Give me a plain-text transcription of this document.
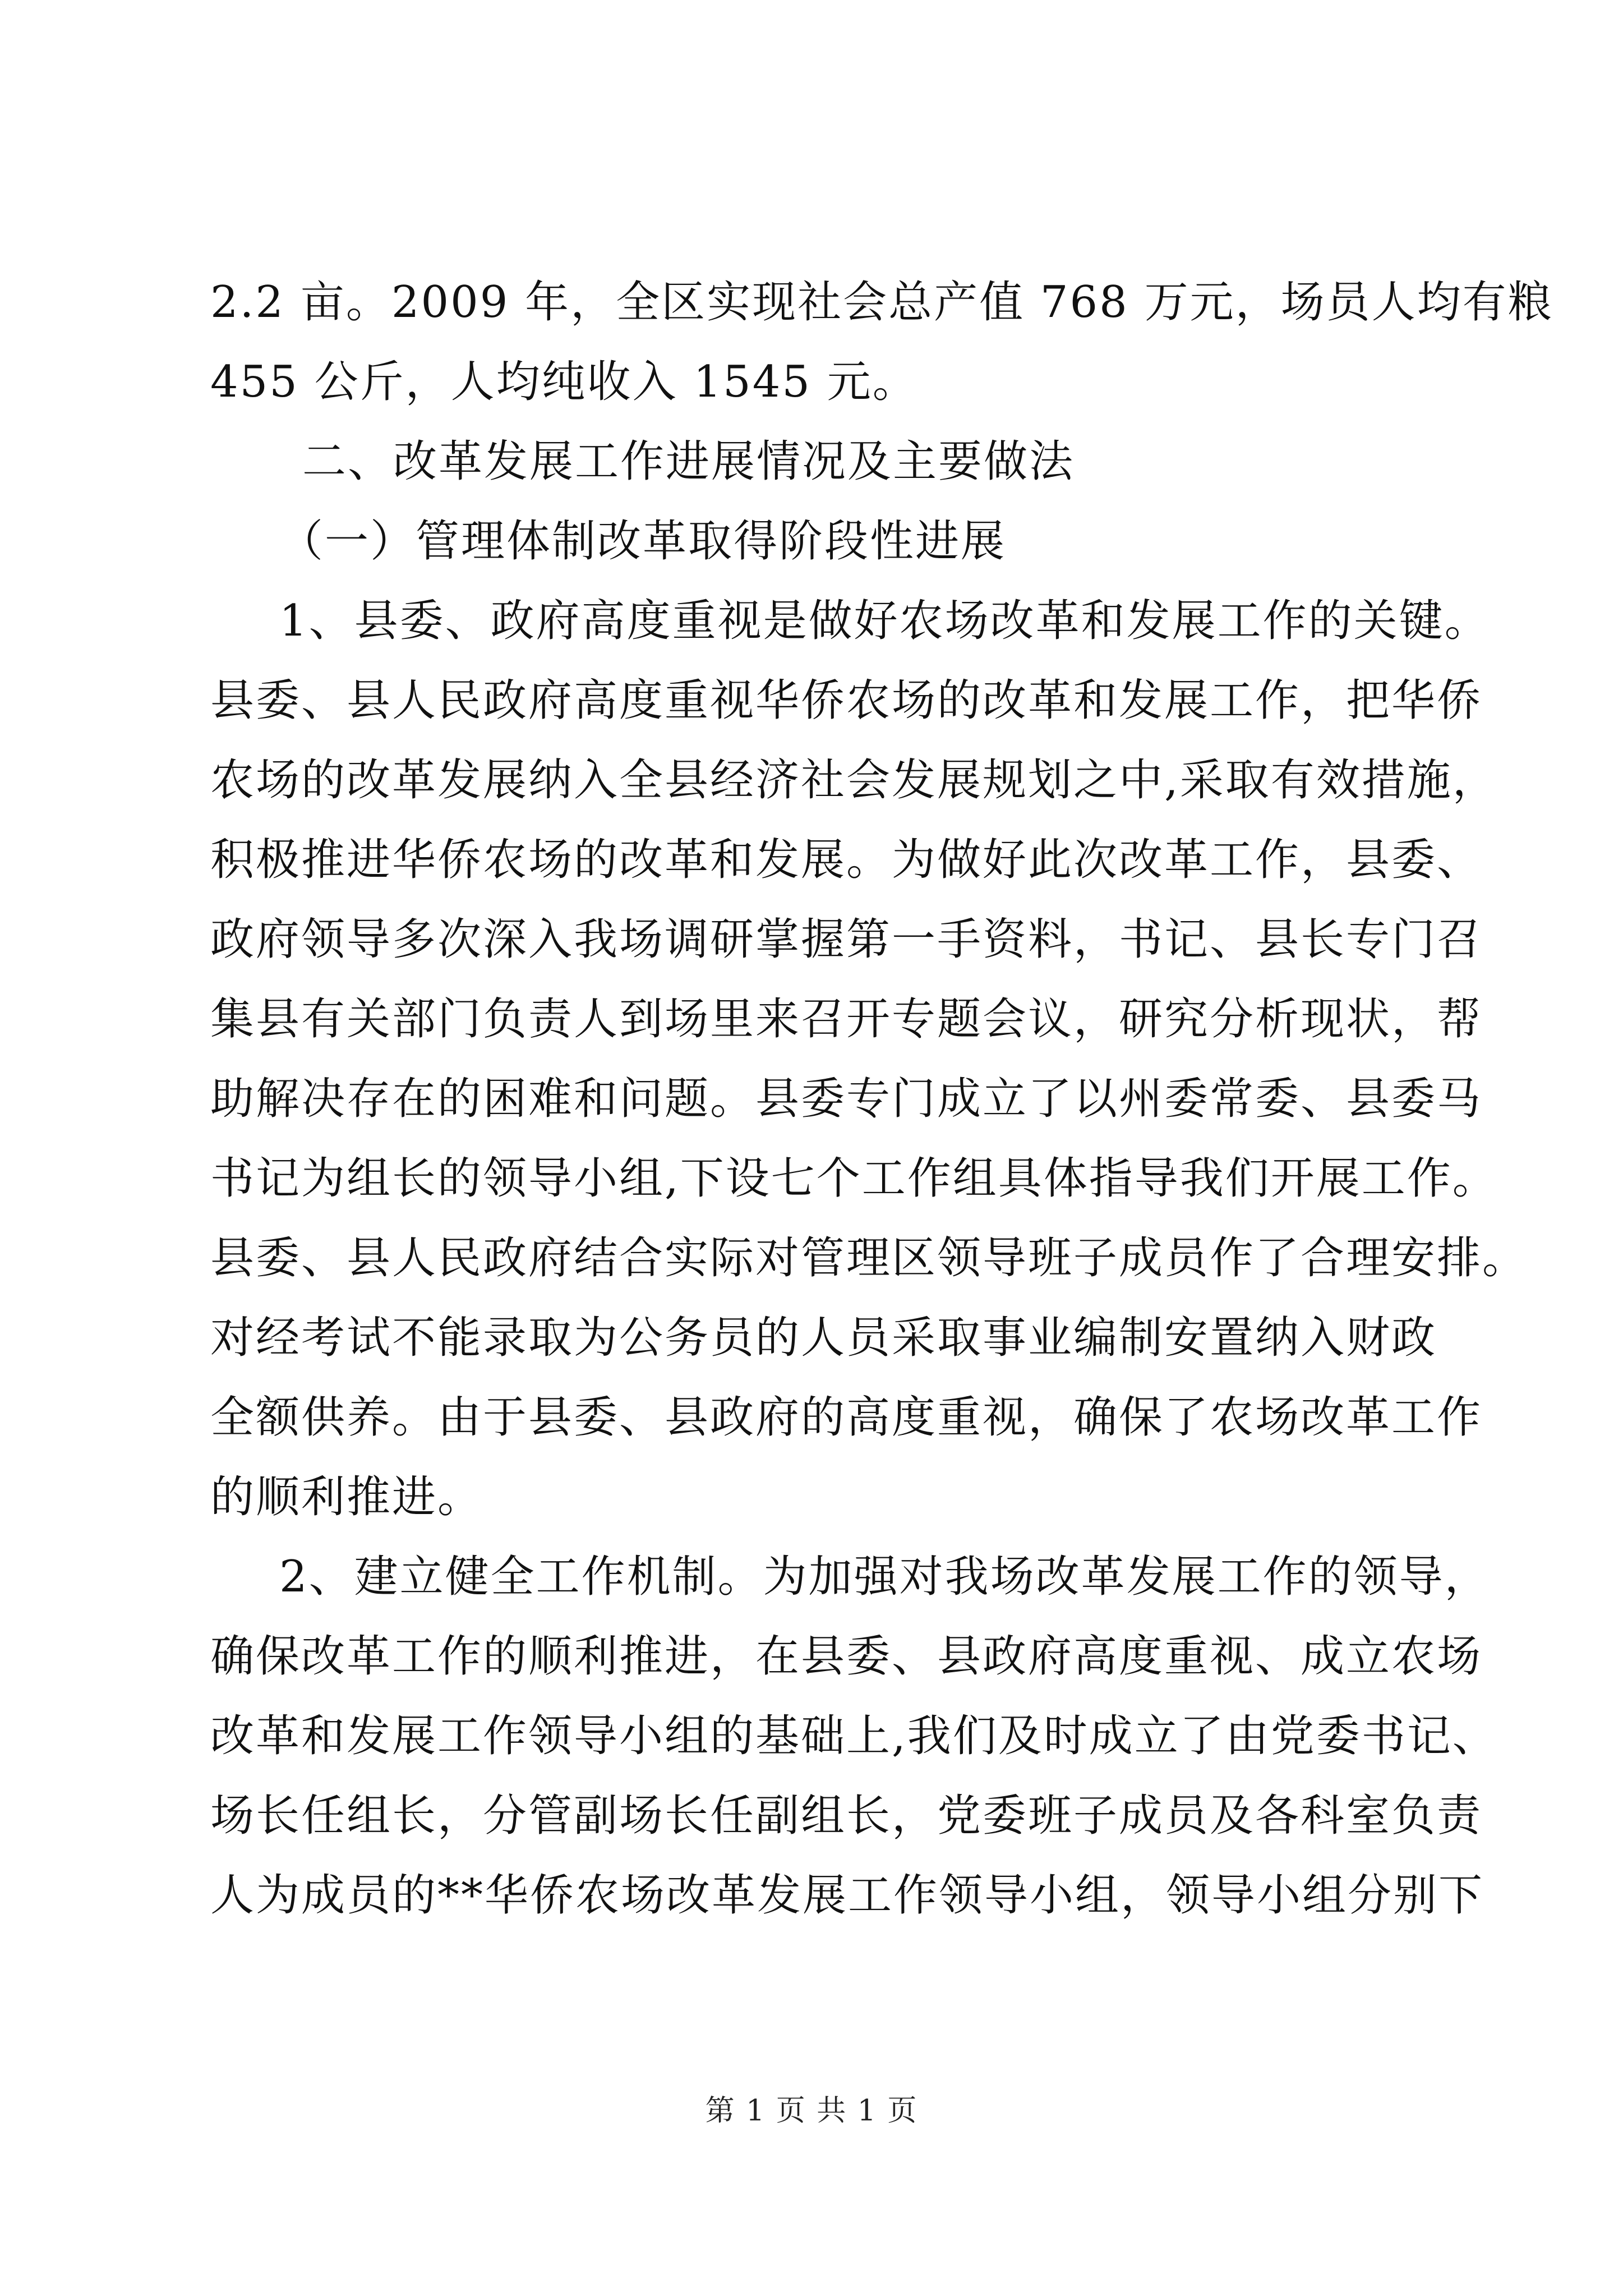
2.2 亩。2009 年，全区实现社会总产值 768 万元，场员人均有粮
455 公斤，人均纯收入 1545 元。
二、改革发展工作进展情况及主要做法
（一）管理体制改革取得阶段性进展
1、县委、政府高度重视是做好农场改革和发展工作的关键。
县委、县人民政府高度重视华侨农场的改革和发展工作，把华侨
农场的改革发展纳入全县经济社会发展规划之中,采取有效措施，
积极推进华侨农场的改革和发展。为做好此次改革工作，县委、
政府领导多次深入我场调研掌握第一手资料，书记、县长专门召
集县有关部门负责人到场里来召开专题会议，研究分析现状，帮
助解决存在的困难和问题。县委专门成立了以州委常委、县委马
书记为组长的领导小组,下设七个工作组具体指导我们开展工作。
县委、县人民政府结合实际对管理区领导班子成员作了合理安排。
对经考试不能录取为公务员的人员采取事业编制安置纳入财政
全额供养。由于县委、县政府的高度重视，确保了农场改革工作
的顺利推进。
2、建立健全工作机制。为加强对我场改革发展工作的领导，
确保改革工作的顺利推进，在县委、县政府高度重视、成立农场
改革和发展工作领导小组的基础上,我们及时成立了由党委书记、
场长任组长，分管副场长任副组长，党委班子成员及各科室负责
人为成员的**华侨农场改革发展工作领导小组，领导小组分别下
第 1 页 共 1 页
